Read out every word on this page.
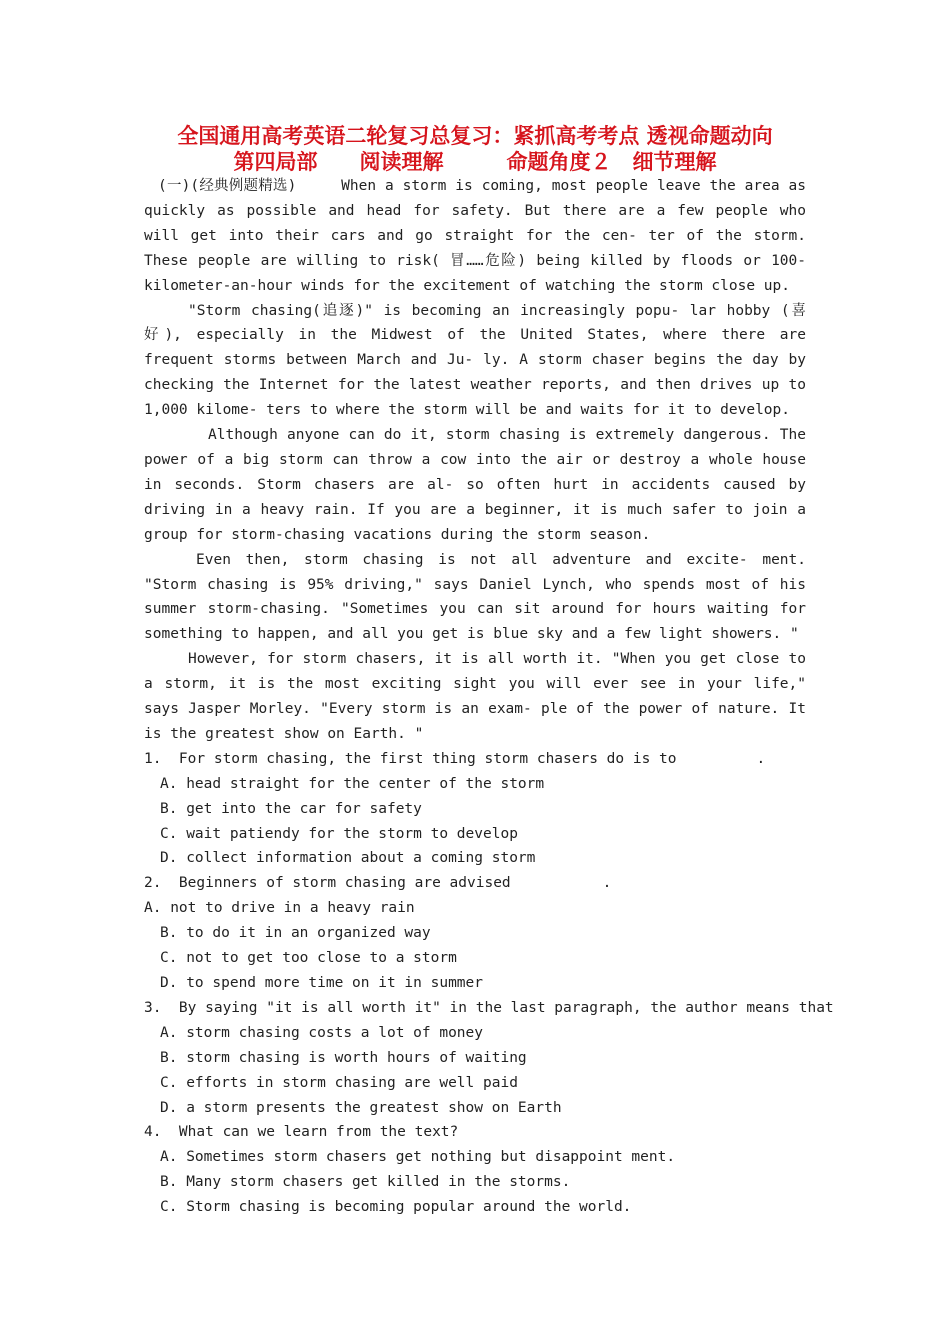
全国通用高考英语二轮复习总复习：紧抓高考考点 透视命题动向
第四局部　　阅读理解　　　命题角度２　细节理解

(一)(经典例题精选)	When a storm is coming, most people leave the area as quickly as possible and head for safety. But there are a few people who will get into their cars and go straight for the cen- ter of the storm. These people are willing to risk( 冒……危险) being killed by floods or 100-kilometer-an-hour winds for the excitement of watching the storm close up.

"Storm chasing(追逐)" is becoming an increasingly popu- lar hobby (喜好), especially in the Midwest of the United States, where there are frequent storms between March and Ju- ly. A storm chaser begins the day by checking the Internet for the latest weather reports, and then drives up to 1,000 kilome- ters to where the storm will be and waits for it to develop.

Although anyone can do it, storm chasing is extremely dangerous. The power of a big storm can throw a cow into the air or destroy a whole house in seconds. Storm chasers are al- so often hurt in accidents caused by driving in a heavy rain. If you are a beginner, it is much safer to join a group for storm-chasing vacations during the storm season.

Even then, storm chasing is not all adventure and excite- ment. "Storm chasing is 95% driving," says Daniel Lynch, who spends most of his summer storm-chasing. "Sometimes you can sit around for hours waiting for something to happen, and all you get is blue sky and a few light showers. "

However, for storm chasers, it is all worth it. "When you get close to a storm, it is the most exciting sight you will ever see in your life," says Jasper Morley. "Every storm is an exam- ple of the power of nature. It is the greatest show on Earth. "

1.  For storm chasing, the first thing storm chasers do is to	.

A. head straight for the center of the storm

B. get into the car for safety

C. wait patiendy for the storm to develop

D. collect information about a coming storm

2.  Beginners of storm chasing are advised	.

A. not to drive in a heavy rain

B. to do it in an organized way

C. not to get too close to a storm

D. to spend more time on it in summer

3.  By saying "it is all worth it" in the last paragraph, the author means that

A. storm chasing costs a lot of money

B. storm chasing is worth hours of waiting

C. efforts in storm chasing are well paid

D. a storm presents the greatest show on Earth

4.  What can we learn from the text?

A. Sometimes storm chasers get nothing but disappoint ment.

B. Many storm chasers get killed in the storms.

C. Storm chasing is becoming popular around the world.
